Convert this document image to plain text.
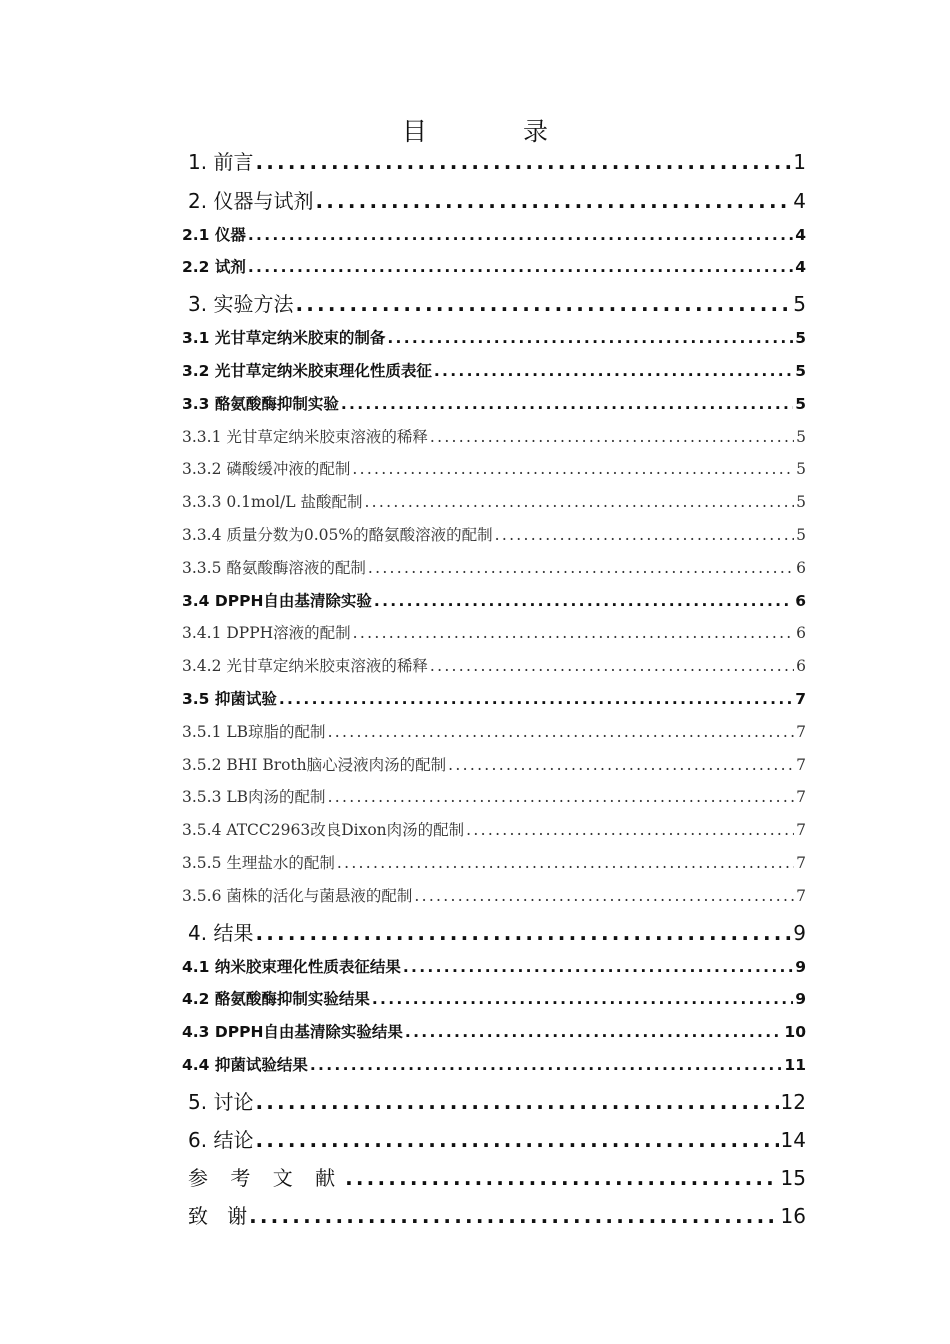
目 录
1. 前言 .....	1
2. 仪器与试剂 .....	4
2.1 仪器 .....	4
2.2 试剂 .....	4
3. 实验方法 .....	5
3.1 光甘草定纳米胶束的制备 .....	5
3.2 光甘草定纳米胶束理化性质表征 .....	5
3.3 酪氨酸酶抑制实验 .....	5
3.3.1 光甘草定纳米胶束溶液的稀释 .....	5
3.3.2 磷酸缓冲液的配制 .....	5
3.3.3 0.1mol/L 盐酸配制 .....	5
3.3.4 质量分数为0.05%的酪氨酸溶液的配制 .....	5
3.3.5 酪氨酸酶溶液的配制 .....	6
3.4 DPPH自由基清除实验 .....	6
3.4.1 DPPH溶液的配制 .....	6
3.4.2 光甘草定纳米胶束溶液的稀释 .....	6
3.5 抑菌试验 .....	7
3.5.1 LB琼脂的配制 .....	7
3.5.2 BHI Broth脑心浸液肉汤的配制 .....	7
3.5.3 LB肉汤的配制 .....	7
3.5.4 ATCC2963改良Dixon肉汤的配制 .....	7
3.5.5 生理盐水的配制 .....	7
3.5.6 菌株的活化与菌悬液的配制 .....	7
4. 结果 .....	9
4.1 纳米胶束理化性质表征结果 .....	9
4.2 酪氨酸酶抑制实验结果 .....	9
4.3 DPPH自由基清除实验结果 .....	10
4.4 抑菌试验结果 .....	11
5. 讨论 .....	12
6. 结论 .....	14
参 考 文 献 .....	15
致   谢 .....	16
